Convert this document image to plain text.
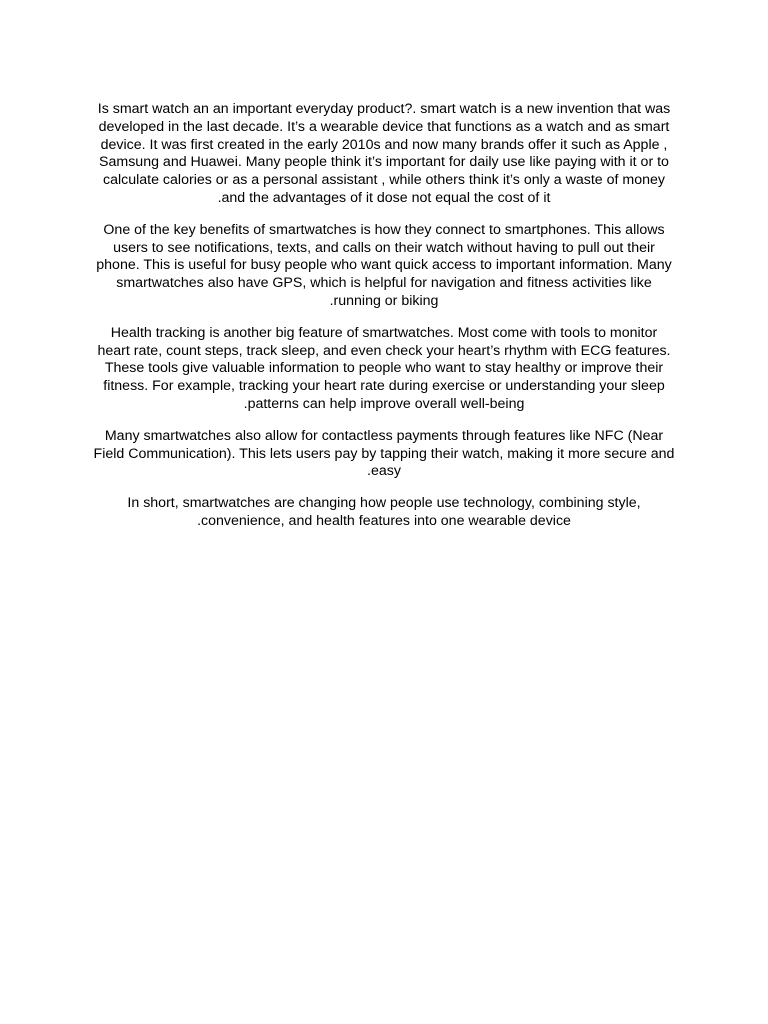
Is smart watch an an important everyday product?. smart watch is a new invention that was
developed in the last decade. It’s a wearable device that functions as a watch and as smart
device. It was first created in the early 2010s and now many brands offer it such as Apple ,
Samsung and Huawei. Many people think it’s important for daily use like paying with it or to
calculate calories or as a personal assistant , while others think it’s only a waste of money
.and the advantages of it dose not equal the cost of it

One of the key benefits of smartwatches is how they connect to smartphones. This allows
users to see notifications, texts, and calls on their watch without having to pull out their
phone. This is useful for busy people who want quick access to important information. Many
smartwatches also have GPS, which is helpful for navigation and fitness activities like
.running or biking

Health tracking is another big feature of smartwatches. Most come with tools to monitor
heart rate, count steps, track sleep, and even check your heart’s rhythm with ECG features.
These tools give valuable information to people who want to stay healthy or improve their
fitness. For example, tracking your heart rate during exercise or understanding your sleep
.patterns can help improve overall well-being

Many smartwatches also allow for contactless payments through features like NFC (Near
Field Communication). This lets users pay by tapping their watch, making it more secure and
.easy

In short, smartwatches are changing how people use technology, combining style,
.convenience, and health features into one wearable device
